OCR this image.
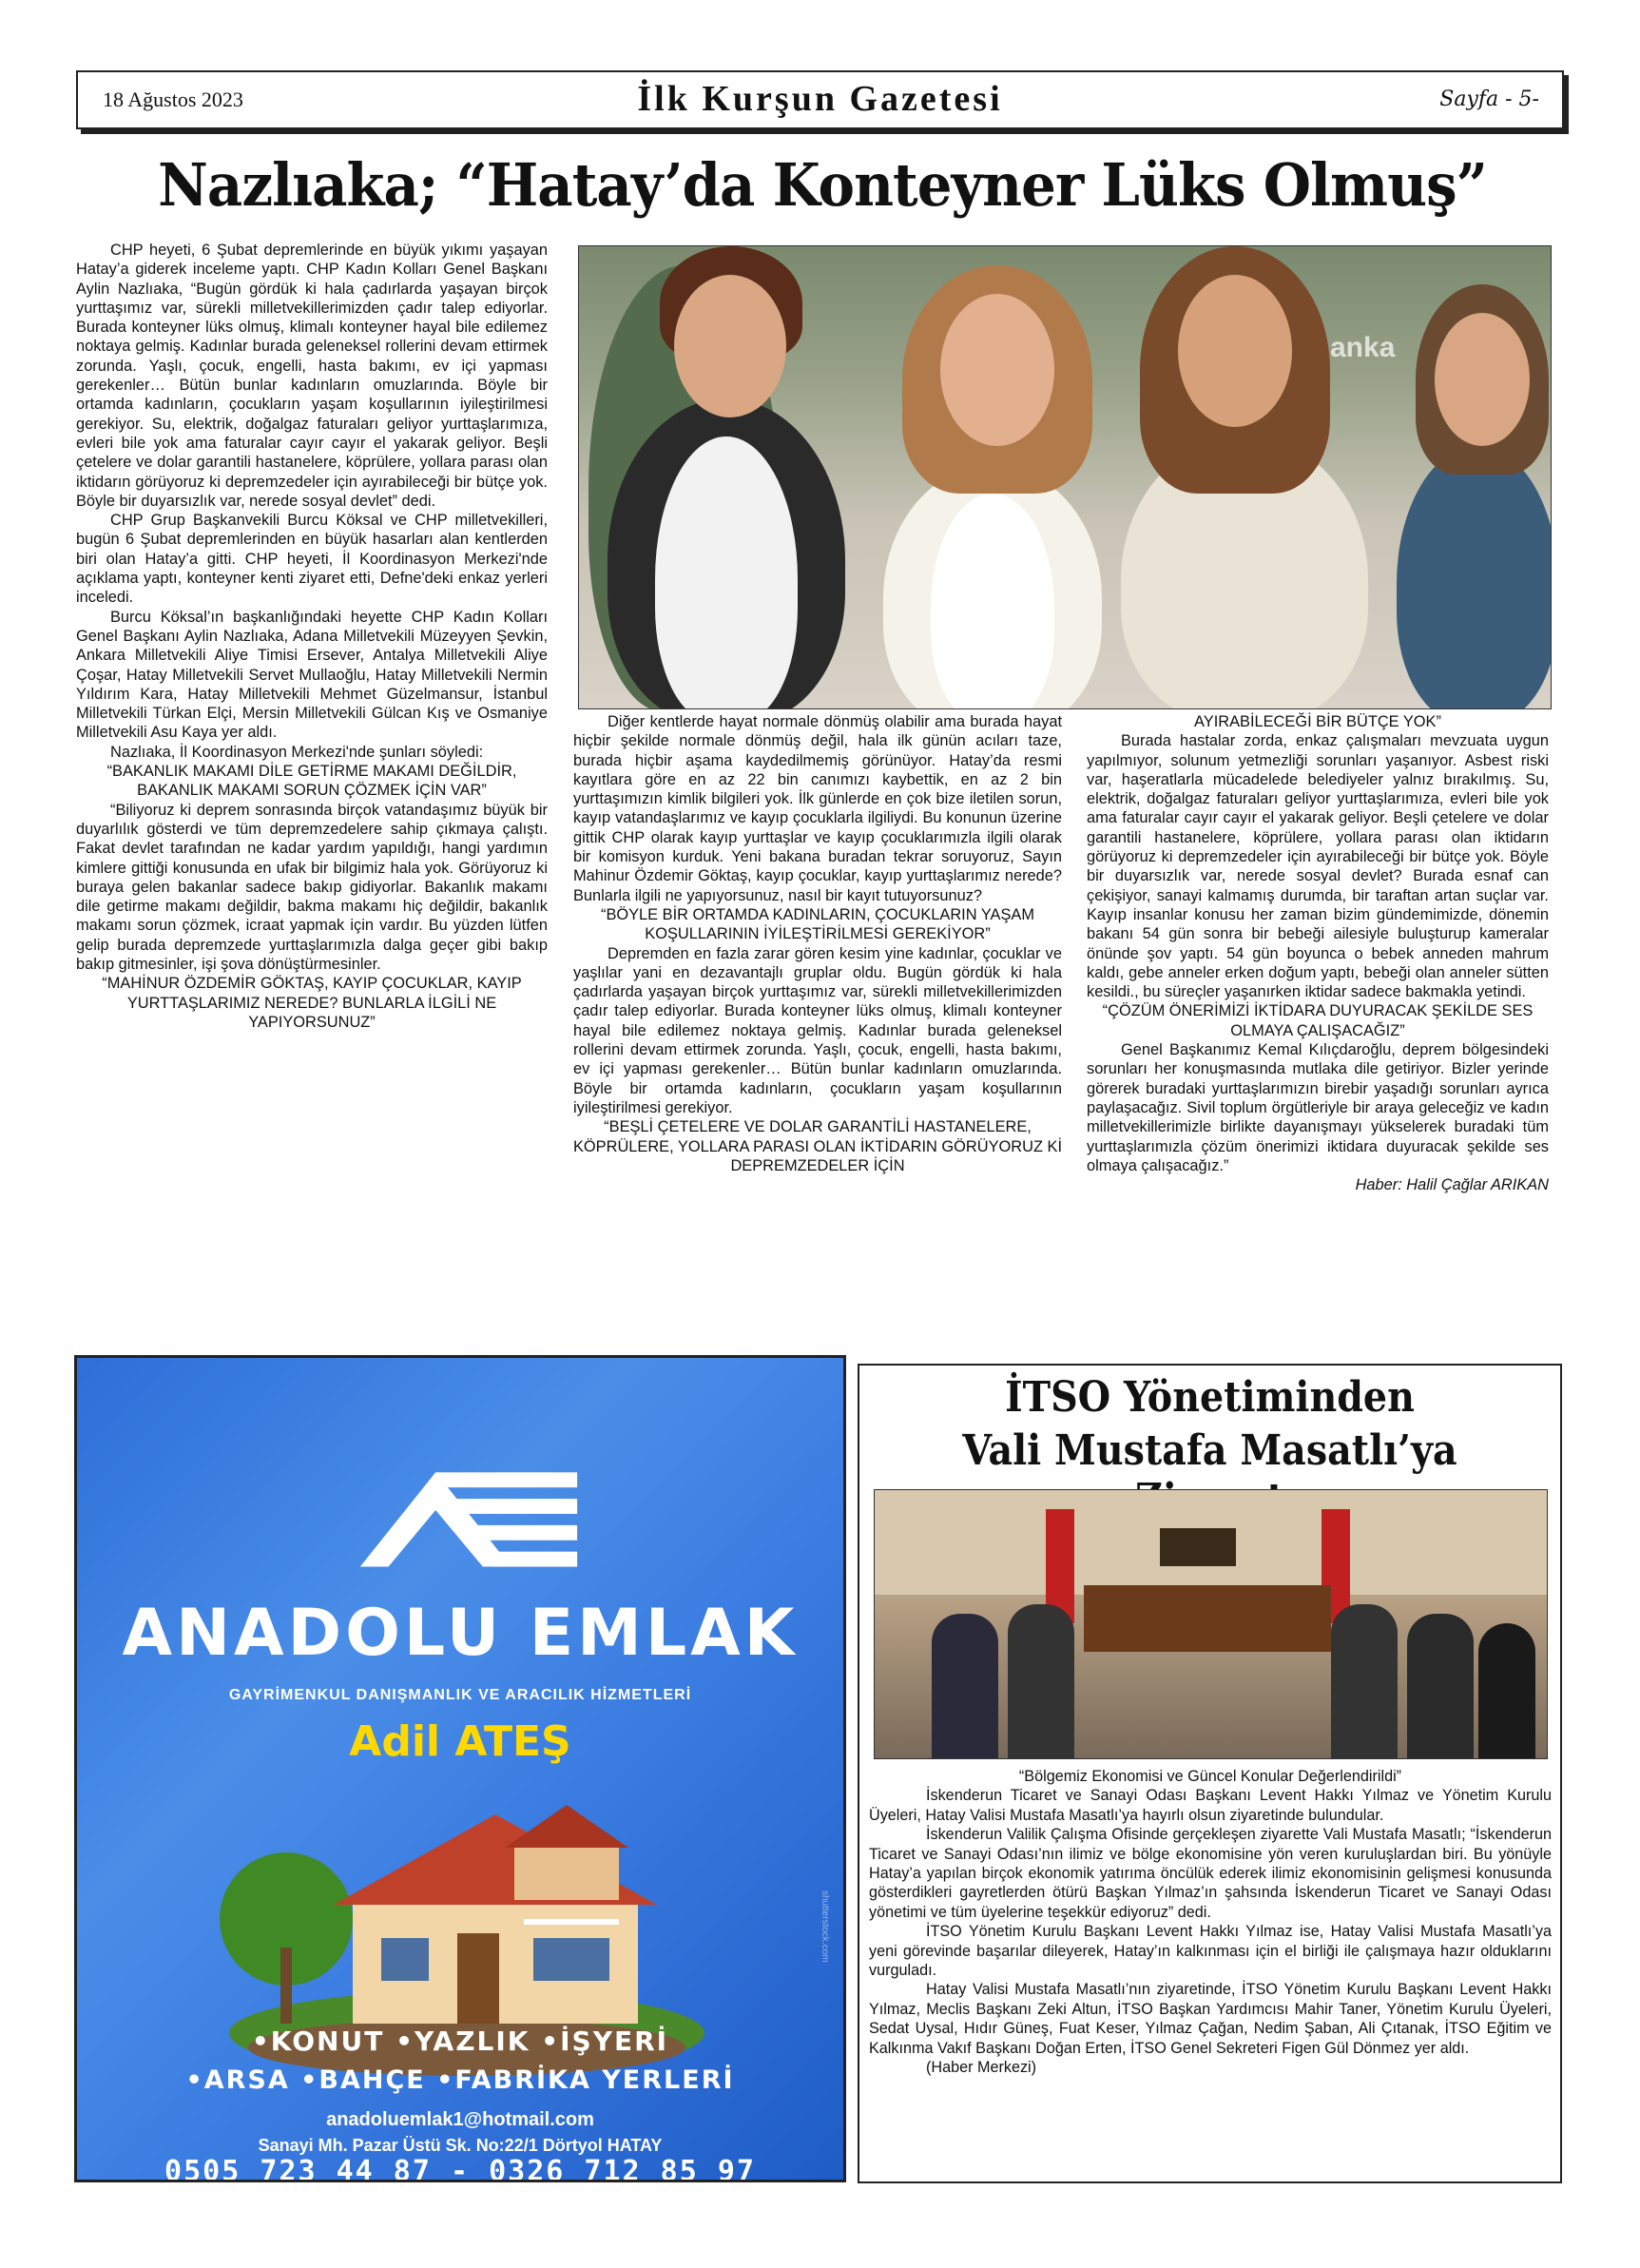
18 Ağustos 2023	İlk Kurşun Gazetesi	Sayfa - 5-
Nazlıaka; “Hatay’da Konteyner Lüks Olmuş”

CHP heyeti, 6 Şubat depremlerinde en büyük yıkımı yaşayan Hatay’a giderek inceleme yaptı. CHP Kadın Kolları Genel Başkanı Aylin Nazlıaka, “Bugün gördük ki hala çadırlarda yaşayan birçok yurttaşımız var, sürekli milletvekillerimizden çadır talep ediyorlar. Burada konteyner lüks olmuş, klimalı konteyner hayal bile edilemez noktaya gelmiş. Kadınlar burada geleneksel rollerini devam ettirmek zorunda. Yaşlı, çocuk, engelli, hasta bakımı, ev içi yapması gerekenler… Bütün bunlar kadınların omuzlarında. Böyle bir ortamda kadınların, çocukların yaşam koşullarının iyileştirilmesi gerekiyor. Su, elektrik, doğalgaz faturaları geliyor yurttaşlarımıza, evleri bile yok ama faturalar cayır cayır el yakarak geliyor. Beşli çetelere ve dolar garantili hastanelere, köprülere, yollara parası olan iktidarın görüyoruz ki depremzedeler için ayırabileceği bir bütçe yok. Böyle bir duyarsızlık var, nerede sosyal devlet” dedi.

CHP Grup Başkanvekili Burcu Köksal ve CHP milletvekilleri, bugün 6 Şubat depremlerinden en büyük hasarları alan kentlerden biri olan Hatay’a gitti. CHP heyeti, İl Koordinasyon Merkezi'nde açıklama yaptı, konteyner kenti ziyaret etti, Defne'deki enkaz yerleri inceledi.

Burcu Köksal’ın başkanlığındaki heyette CHP Kadın Kolları Genel Başkanı Aylin Nazlıaka, Adana Milletvekili Müzeyyen Şevkin, Ankara Milletvekili Aliye Timisi Ersever, Antalya Milletvekili Aliye Çoşar, Hatay Milletvekili Servet Mullaoğlu, Hatay Milletvekili Nermin Yıldırım Kara, Hatay Milletvekili Mehmet Güzelmansur, İstanbul Milletvekili Türkan Elçi, Mersin Milletvekili Gülcan Kış ve Osmaniye Milletvekili Asu Kaya yer aldı.

Nazlıaka, İl Koordinasyon Merkezi'nde şunları söyledi:

“BAKANLIK MAKAMI DİLE GETİRME MAKAMI DEĞİLDİR, BAKANLIK MAKAMI SORUN ÇÖZMEK İÇİN VAR”

“Biliyoruz ki deprem sonrasında birçok vatandaşımız büyük bir duyarlılık gösterdi ve tüm depremzedelere sahip çıkmaya çalıştı. Fakat devlet tarafından ne kadar yardım yapıldığı, hangi yardımın kimlere gittiği konusunda en ufak bir bilgimiz hala yok. Görüyoruz ki buraya gelen bakanlar sadece bakıp gidiyorlar. Bakanlık makamı dile getirme makamı değildir, bakma makamı hiç değildir, bakanlık makamı sorun çözmek, icraat yapmak için vardır. Bu yüzden lütfen gelip burada depremzede yurttaşlarımızla dalga geçer gibi bakıp bakıp gitmesinler, işi şova dönüştürmesinler.

“MAHİNUR ÖZDEMİR GÖKTAŞ, KAYIP ÇOCUKLAR, KAYIP YURTTAŞLARIMIZ NEREDE? BUNLARLA İLGİLİ NE YAPIYORSUNUZ”

anka

Diğer kentlerde hayat normale dönmüş olabilir ama burada hayat hiçbir şekilde normale dönmüş değil, hala ilk günün acıları taze, burada hiçbir aşama kaydedilmemiş görünüyor. Hatay’da resmi kayıtlara göre en az 22 bin canımızı kaybettik, en az 2 bin yurttaşımızın kimlik bilgileri yok. İlk günlerde en çok bize iletilen sorun, kayıp vatandaşlarımız ve kayıp çocuklarla ilgiliydi. Bu konunun üzerine gittik CHP olarak kayıp yurttaşlar ve kayıp çocuklarımızla ilgili olarak bir komisyon kurduk. Yeni bakana buradan tekrar soruyoruz, Sayın Mahinur Özdemir Göktaş, kayıp çocuklar, kayıp yurttaşlarımız nerede? Bunlarla ilgili ne yapıyorsunuz, nasıl bir kayıt tutuyorsunuz?

“BÖYLE BİR ORTAMDA KADINLARIN, ÇOCUKLARIN YAŞAM KOŞULLARININ İYİLEŞTİRİLMESİ GEREKİYOR”

Depremden en fazla zarar gören kesim yine kadınlar, çocuklar ve yaşlılar yani en dezavantajlı gruplar oldu. Bugün gördük ki hala çadırlarda yaşayan birçok yurttaşımız var, sürekli milletvekillerimizden çadır talep ediyorlar. Burada konteyner lüks olmuş, klimalı konteyner hayal bile edilemez noktaya gelmiş. Kadınlar burada geleneksel rollerini devam ettirmek zorunda. Yaşlı, çocuk, engelli, hasta bakımı, ev içi yapması gerekenler… Bütün bunlar kadınların omuzlarında. Böyle bir ortamda kadınların, çocukların yaşam koşullarının iyileştirilmesi gerekiyor.

“BEŞLİ ÇETELERE VE DOLAR GARANTİLİ HASTANELERE, KÖPRÜLERE, YOLLARA PARASI OLAN İKTİDARIN GÖRÜYORUZ Kİ DEPREMZEDELER İÇİN

AYIRABİLECEĞİ BİR BÜTÇE YOK”

Burada hastalar zorda, enkaz çalışmaları mevzuata uygun yapılmıyor, solunum yetmezliği sorunları yaşanıyor. Asbest riski var, haşeratlarla mücadelede belediyeler yalnız bırakılmış. Su, elektrik, doğalgaz faturaları geliyor yurttaşlarımıza, evleri bile yok ama faturalar cayır cayır el yakarak geliyor. Beşli çetelere ve dolar garantili hastanelere, köprülere, yollara parası olan iktidarın görüyoruz ki depremzedeler için ayırabileceği bir bütçe yok. Böyle bir duyarsızlık var, nerede sosyal devlet? Burada esnaf can çekişiyor, sanayi kalmamış durumda, bir taraftan artan suçlar var. Kayıp insanlar konusu her zaman bizim gündemimizde, dönemin bakanı 54 gün sonra bir bebeği ailesiyle buluşturup kameralar önünde şov yaptı. 54 gün boyunca o bebek anneden mahrum kaldı, gebe anneler erken doğum yaptı, bebeği olan anneler sütten kesildi., bu süreçler yaşanırken iktidar sadece bakmakla yetindi.

“ÇÖZÜM ÖNERİMİZİ İKTİDARA DUYURACAK ŞEKİLDE SES OLMAYA ÇALIŞACAĞIZ”

Genel Başkanımız Kemal Kılıçdaroğlu, deprem bölgesindeki sorunları her konuşmasında mutlaka dile getiriyor. Bizler yerinde görerek buradaki yurttaşlarımızın birebir yaşadığı sorunları ayrıca paylaşacağız. Sivil toplum örgütleriyle bir araya geleceğiz ve kadın milletvekillerimizle birlikte dayanışmayı yükselerek buradaki tüm yurttaşlarımızla çözüm önerimizi iktidara duyuracak şekilde ses olmaya çalışacağız.”

Haber: Halil Çağlar ARIKAN

ANADOLU EMLAK
GAYRİMENKUL DANIŞMANLIK VE ARACILIK HİZMETLERİ
Adil ATEŞ
•KONUT •YAZLIK •İŞYERİ
•ARSA •BAHÇE •FABRİKA YERLERİ
anadoluemlak1@hotmail.com
Sanayi Mh. Pazar Üstü Sk. No:22/1 Dörtyol HATAY
0505 723 44 87 - 0326 712 85 97
shutterstock.com
İTSO Yönetiminden
Vali Mustafa Masatlı’ya

“Bölgemiz Ekonomisi ve Güncel Konular Değerlendirildi”

İskenderun Ticaret ve Sanayi Odası Başkanı Levent Hakkı Yılmaz ve Yönetim Kurulu Üyeleri, Hatay Valisi Mustafa Masatlı’ya hayırlı olsun ziyaretinde bulundular.

İskenderun Valilik Çalışma Ofisinde gerçekleşen ziyarette Vali Mustafa Masatlı; “İskenderun Ticaret ve Sanayi Odası’nın ilimiz ve bölge ekonomisine yön veren kuruluşlardan biri. Bu yönüyle Hatay’a yapılan birçok ekonomik yatırıma öncülük ederek ilimiz ekonomisinin gelişmesi konusunda gösterdikleri gayretlerden ötürü Başkan Yılmaz’ın şahsında İskenderun Ticaret ve Sanayi Odası yönetimi ve tüm üyelerine teşekkür ediyoruz” dedi.

İTSO Yönetim Kurulu Başkanı Levent Hakkı Yılmaz ise, Hatay Valisi Mustafa Masatlı’ya yeni görevinde başarılar dileyerek, Hatay’ın kalkınması için el birliği ile çalışmaya hazır olduklarını vurguladı.

Hatay Valisi Mustafa Masatlı’nın ziyaretinde, İTSO Yönetim Kurulu Başkanı Levent Hakkı Yılmaz, Meclis Başkanı Zeki Altun, İTSO Başkan Yardımcısı Mahir Taner, Yönetim Kurulu Üyeleri, Sedat Uysal, Hıdır Güneş, Fuat Keser, Yılmaz Çağan, Nedim Şaban, Ali Çıtanak, İTSO Eğitim ve Kalkınma Vakıf Başkanı Doğan Erten, İTSO Genel Sekreteri Figen Gül Dönmez yer aldı.

(Haber Merkezi)
